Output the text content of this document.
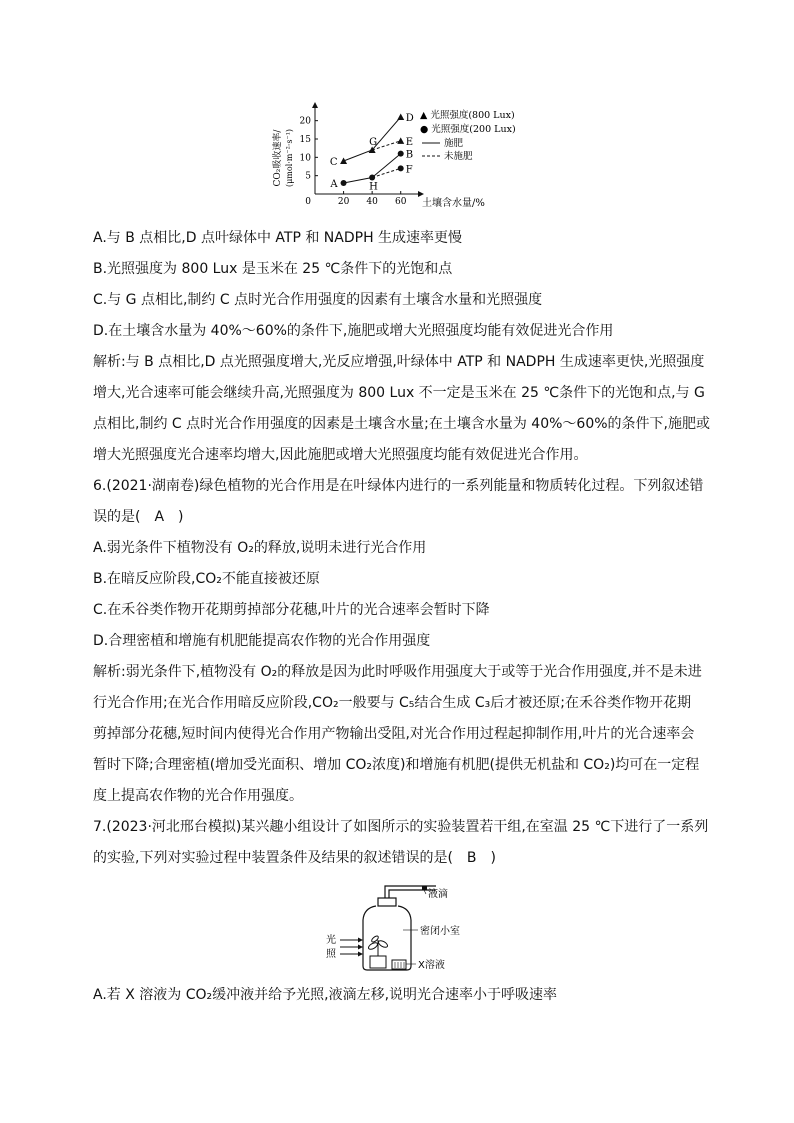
0
5
10
15
20
20 40 60 土壤含水量/%
CO₂吸收速率/ (μmol·m⁻²·s⁻¹)	C
G
D
E
A	H
B
F
▲ 光照强度(800 Lux)
● 光照强度(200 Lux)
施肥
未施肥
A.与 B 点相比,D 点叶绿体中 ATP 和 NADPH 生成速率更慢
B.光照强度为 800 Lux 是玉米在 25 ℃条件下的光饱和点
C.与 G 点相比,制约 C 点时光合作用强度的因素有土壤含水量和光照强度
D.在土壤含水量为 40%～60%的条件下,施肥或增大光照强度均能有效促进光合作用
解析:与 B 点相比,D 点光照强度增大,光反应增强,叶绿体中 ATP 和 NADPH 生成速率更快,光照强度
增大,光合速率可能会继续升高,光照强度为 800 Lux 不一定是玉米在 25 ℃条件下的光饱和点,与 G
点相比,制约 C 点时光合作用强度的因素是土壤含水量;在土壤含水量为 40%～60%的条件下,施肥或
增大光照强度光合速率均增大,因此施肥或增大光照强度均能有效促进光合作用。
6.(2021·湖南卷)绿色植物的光合作用是在叶绿体内进行的一系列能量和物质转化过程。下列叙述错
误的是(　A　)
A.弱光条件下植物没有 O₂的释放,说明未进行光合作用
B.在暗反应阶段,CO₂不能直接被还原
C.在禾谷类作物开花期剪掉部分花穗,叶片的光合速率会暂时下降
D.合理密植和增施有机肥能提高农作物的光合作用强度
解析:弱光条件下,植物没有 O₂的释放是因为此时呼吸作用强度大于或等于光合作用强度,并不是未进
行光合作用;在光合作用暗反应阶段,CO₂一般要与 C₅结合生成 C₃后才被还原;在禾谷类作物开花期
剪掉部分花穗,短时间内使得光合作用产物输出受阻,对光合作用过程起抑制作用,叶片的光合速率会
暂时下降;合理密植(增加受光面积、增加 CO₂浓度)和增施有机肥(提供无机盐和 CO₂)均可在一定程
度上提高农作物的光合作用强度。
7.(2023·河北邢台模拟)某兴趣小组设计了如图所示的实验装置若干组,在室温 25 ℃下进行了一系列
的实验,下列对实验过程中装置条件及结果的叙述错误的是(　B　)
液滴
光
照
密闭小室
X溶液
A.若 X 溶液为 CO₂缓冲液并给予光照,液滴左移,说明光合速率小于呼吸速率
